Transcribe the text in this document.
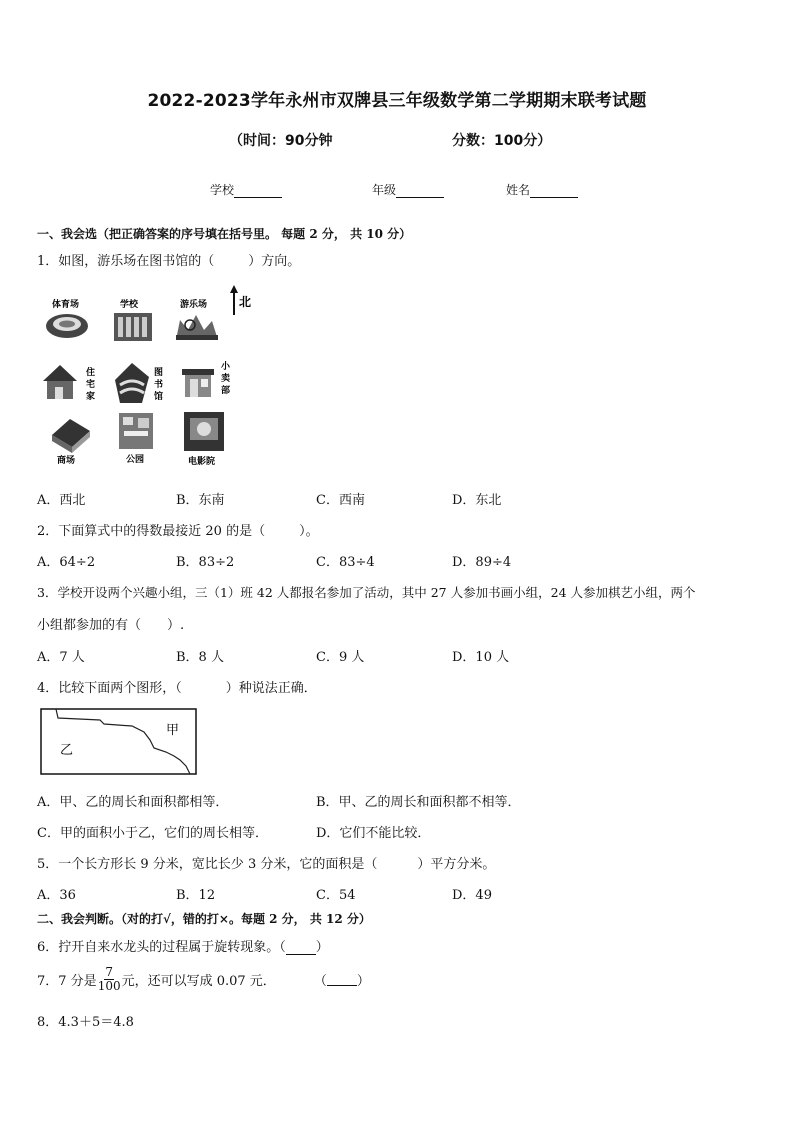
2022-2023学年永州市双牌县三年级数学第二学期期末联考试题
（时间：90分钟	分数：100分）
学校	年级	姓名
一、我会选（把正确答案的序号填在括号里。 每题 2 分， 共 10 分）
1．如图，游乐场在图书馆的（	）方向。
北
体育场	学校	游乐场
住
宅
家
图
书
馆
小
卖
部
商场	公园	电影院
A．西北	B．东南	C．西南	D．东北
2．下面算式中的得数最接近 20 的是（	）。
A．64÷2	B．83÷2	C．83÷4	D．89÷4
3．学校开设两个兴趣小组，三（1）班 42 人都报名参加了活动，其中 27 人参加书画小组，24 人参加棋艺小组，两个
小组都参加的有（　　）.
A．7 人	B．8 人	C．9 人	D．10 人
4．比较下面两个图形，（	）种说法正确．
甲
乙
A．甲、乙的周长和面积都相等．	B．甲、乙的周长和面积都不相等．
C．甲的面积小于乙，它们的周长相等．	D．它们不能比较．
5．一个长方形长 9 分米，宽比长少 3 分米，它的面积是（	）平方分米。
A．36	B．12	C．54	D．49
二、我会判断。（对的打√，错的打×。每题 2 分， 共 12 分）
6．拧开自来水龙头的过程属于旋转现象。（ ）
7．7 分是 $\frac{7}{100}$ 元，还可以写成 0.07 元．	（ ）
8．4.3＋5＝4.8
